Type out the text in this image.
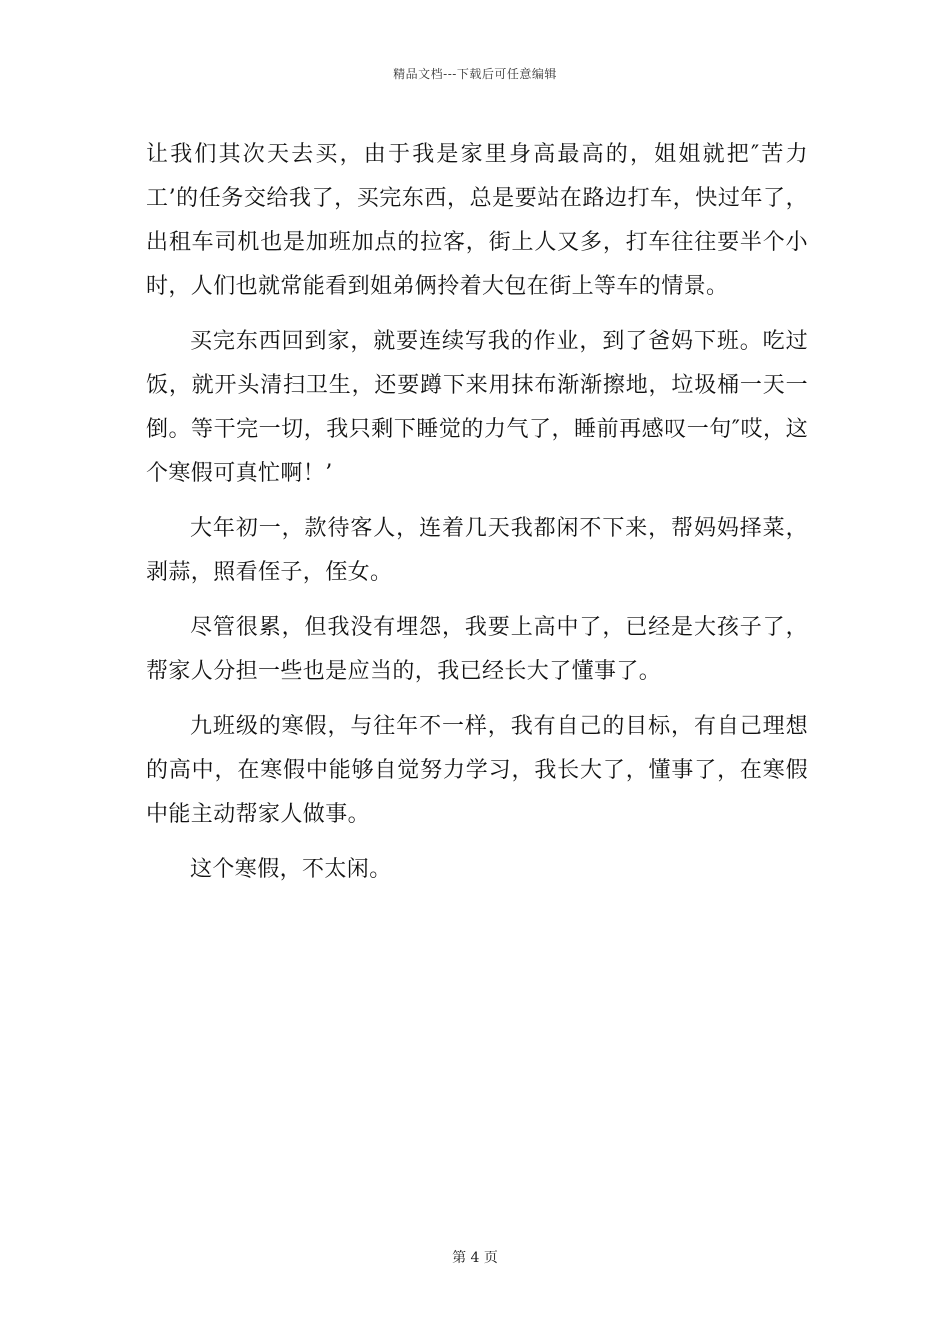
精品文档---下载后可任意编辑
让我们其次天去买，由于我是家里身高最高的，姐姐就把″苦力
工’的任务交给我了，买完东西，总是要站在路边打车，快过年了，
出租车司机也是加班加点的拉客，街上人又多，打车往往要半个小
时，人们也就常能看到姐弟俩拎着大包在街上等车的情景。
买完东西回到家，就要连续写我的作业，到了爸妈下班。吃过
饭，就开头清扫卫生，还要蹲下来用抹布渐渐擦地，垃圾桶一天一
倒。等干完一切，我只剩下睡觉的力气了，睡前再感叹一句″哎，这
个寒假可真忙啊！’
大年初一，款待客人，连着几天我都闲不下来，帮妈妈择菜，
剥蒜，照看侄子，侄女。
尽管很累，但我没有埋怨，我要上高中了，已经是大孩子了，
帮家人分担一些也是应当的，我已经长大了懂事了。
九班级的寒假，与往年不一样，我有自己的目标，有自己理想
的高中，在寒假中能够自觉努力学习，我长大了，懂事了，在寒假
中能主动帮家人做事。
这个寒假，不太闲。
第 4 页
